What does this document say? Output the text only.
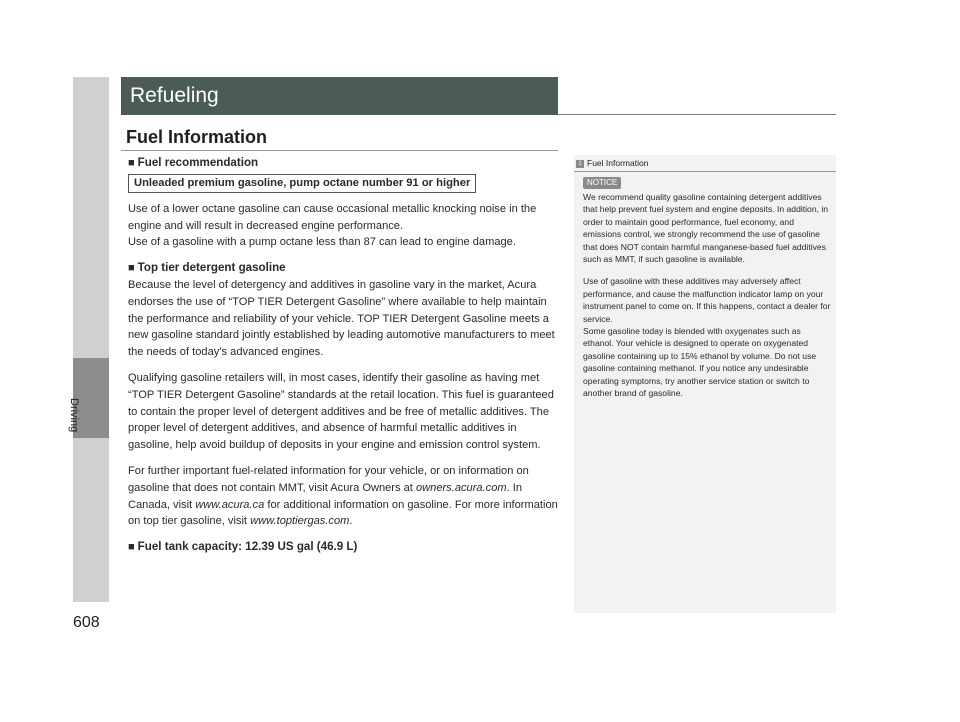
Driving
608
Refueling
Fuel Information

■ Fuel recommendation

Unleaded premium gasoline, pump octane number 91 or higher

Use of a lower octane gasoline can cause occasional metallic knocking noise in the engine and will result in decreased engine performance.

Use of a gasoline with a pump octane less than 87 can lead to engine damage.

■ Top tier detergent gasoline

Because the level of detergency and additives in gasoline vary in the market, Acura endorses the use of “TOP TIER Detergent Gasoline” where available to help maintain the performance and reliability of your vehicle. TOP TIER Detergent Gasoline meets a new gasoline standard jointly established by leading automotive manufacturers to meet the needs of today’s advanced engines.

Qualifying gasoline retailers will, in most cases, identify their gasoline as having met “TOP TIER Detergent Gasoline” standards at the retail location. This fuel is guaranteed to contain the proper level of detergent additives and be free of metallic additives. The proper level of detergent additives, and absence of harmful metallic additives in gasoline, help avoid buildup of deposits in your engine and emission control system.

For further important fuel-related information for your vehicle, or on information on gasoline that does not contain MMT, visit Acura Owners at owners.acura.com. In Canada, visit www.acura.ca for additional information on gasoline. For more information on top tier gasoline, visit www.toptiergas.com.

■ Fuel tank capacity: 12.39 US gal (46.9 L)

1 Fuel Information
NOTICE

We recommend quality gasoline containing detergent additives that help prevent fuel system and engine deposits. In addition, in order to maintain good performance, fuel economy, and emissions control, we strongly recommend the use of gasoline that does NOT contain harmful manganese-based fuel additives such as MMT, if such gasoline is available.

Use of gasoline with these additives may adversely affect performance, and cause the malfunction indicator lamp on your instrument panel to come on. If this happens, contact a dealer for service.

Some gasoline today is blended with oxygenates such as ethanol. Your vehicle is designed to operate on oxygenated gasoline containing up to 15% ethanol by volume. Do not use gasoline containing methanol. If you notice any undesirable operating symptoms, try another service station or switch to another brand of gasoline.
